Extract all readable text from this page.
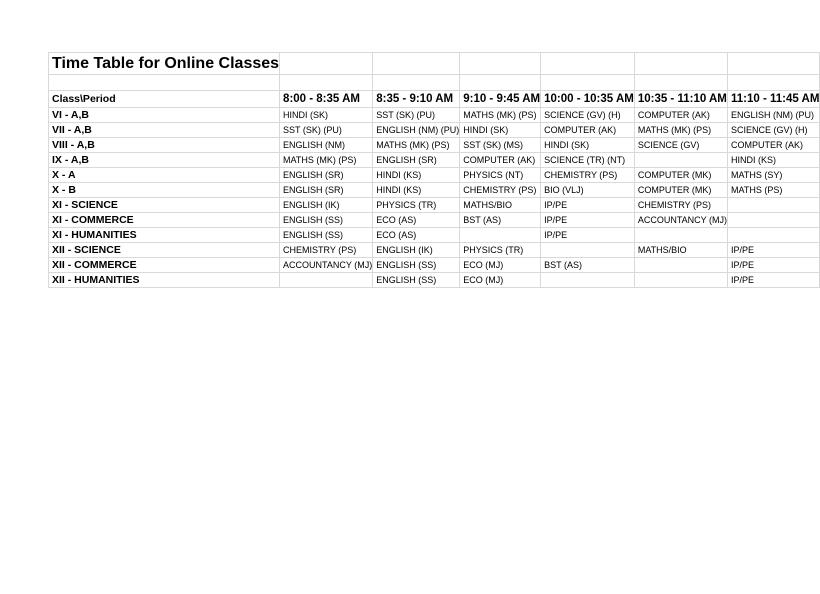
Time Table for Online Classes						

Class\Period	8:00 - 8:35 AM	8:35 - 9:10 AM	9:10 - 9:45 AM	10:00 - 10:35 AM	10:35 - 11:10 AM	11:10 - 11:45 AM
VI - A,B	HINDI (SK)	SST (SK) (PU)	MATHS (MK) (PS)	SCIENCE (GV) (H)	COMPUTER (AK)	ENGLISH (NM) (PU)
VII - A,B	SST (SK) (PU)	ENGLISH (NM) (PU)	HINDI (SK)	COMPUTER (AK)	MATHS (MK) (PS)	SCIENCE (GV) (H)
VIII - A,B	ENGLISH (NM)	MATHS (MK) (PS)	SST (SK) (MS)	HINDI (SK)	SCIENCE (GV)	COMPUTER (AK)
IX - A,B	MATHS (MK) (PS)	ENGLISH (SR)	COMPUTER (AK)	SCIENCE (TR) (NT)		HINDI (KS)
X - A	ENGLISH (SR)	HINDI (KS)	PHYSICS (NT)	CHEMISTRY (PS)	COMPUTER (MK)	MATHS (SY)
X - B	ENGLISH (SR)	HINDI (KS)	CHEMISTRY (PS)	BIO (VLJ)	COMPUTER (MK)	MATHS (PS)
XI - SCIENCE	ENGLISH (IK)	PHYSICS (TR)	MATHS/BIO	IP/PE	CHEMISTRY (PS)	
XI - COMMERCE	ENGLISH (SS)	ECO (AS)	BST (AS)	IP/PE	ACCOUNTANCY (MJ)	
XI - HUMANITIES	ENGLISH (SS)	ECO (AS)		IP/PE		
XII - SCIENCE	CHEMISTRY (PS)	ENGLISH (IK)	PHYSICS (TR)		MATHS/BIO	IP/PE
XII - COMMERCE	ACCOUNTANCY (MJ)	ENGLISH (SS)	ECO (MJ)	BST (AS)		IP/PE
XII - HUMANITIES		ENGLISH (SS)	ECO (MJ)			IP/PE
